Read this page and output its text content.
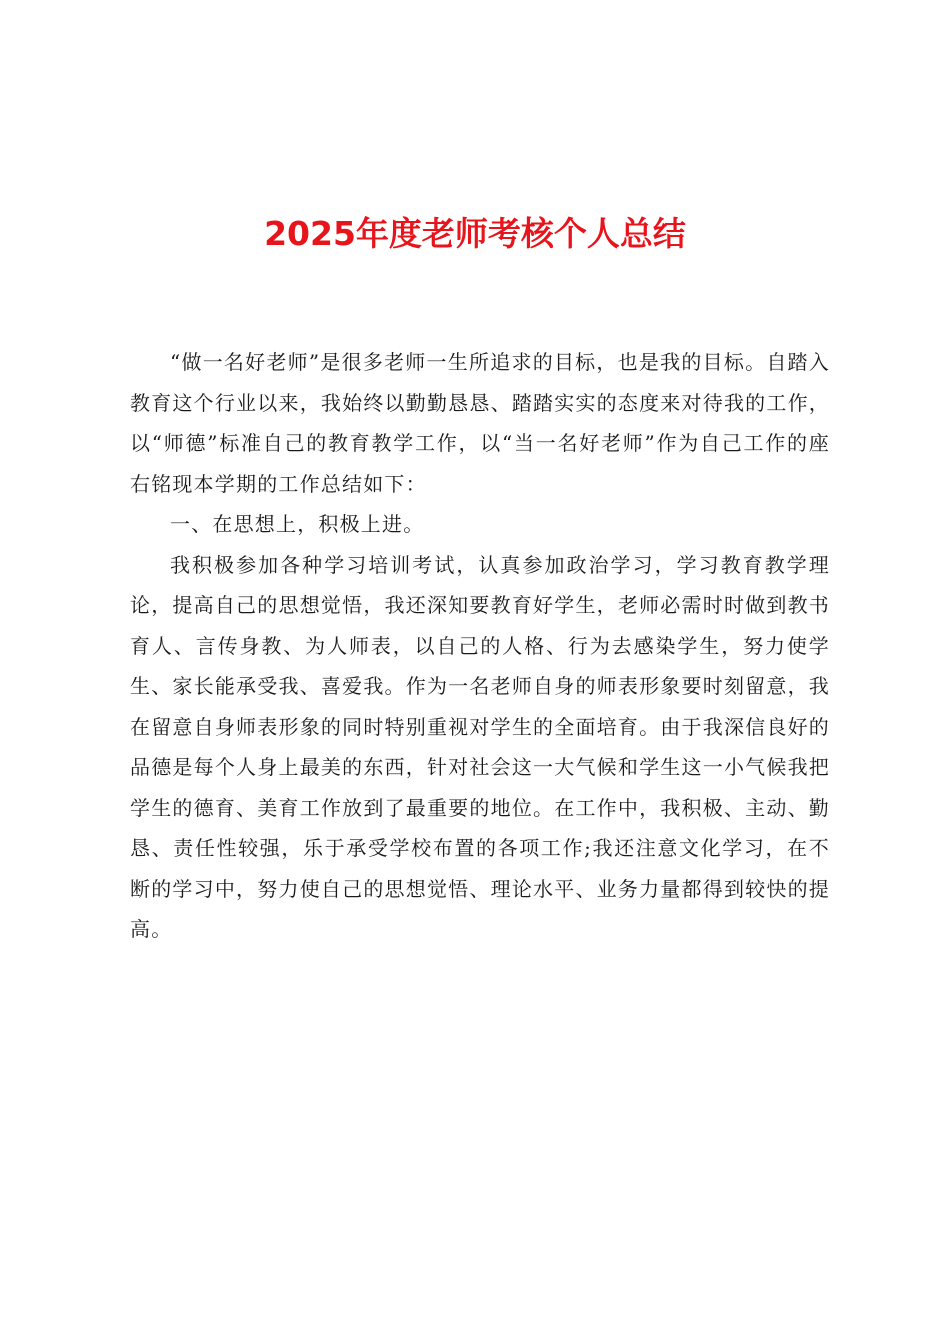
2025年度老师考核个人总结

“做一名好老师”是很多老师一生所追求的目标，也是我的目标。自踏入教育这个行业以来，我始终以勤勤恳恳、踏踏实实的态度来对待我的工作，以“师德”标准自己的教育教学工作，以“当一名好老师”作为自己工作的座右铭现本学期的工作总结如下：

一、在思想上，积极上进。

我积极参加各种学习培训考试，认真参加政治学习，学习教育教学理论，提高自己的思想觉悟，我还深知要教育好学生，老师必需时时做到教书育人、言传身教、为人师表，以自己的人格、行为去感染学生，努力使学生、家长能承受我、喜爱我。作为一名老师自身的师表形象要时刻留意，我在留意自身师表形象的同时特别重视对学生的全面培育。由于我深信良好的品德是每个人身上最美的东西，针对社会这一大气候和学生这一小气候我把学生的德育、美育工作放到了最重要的地位。在工作中，我积极、主动、勤恳、责任性较强，乐于承受学校布置的各项工作;我还注意文化学习，在不断的学习中，努力使自己的思想觉悟、理论水平、业务力量都得到较快的提高。
